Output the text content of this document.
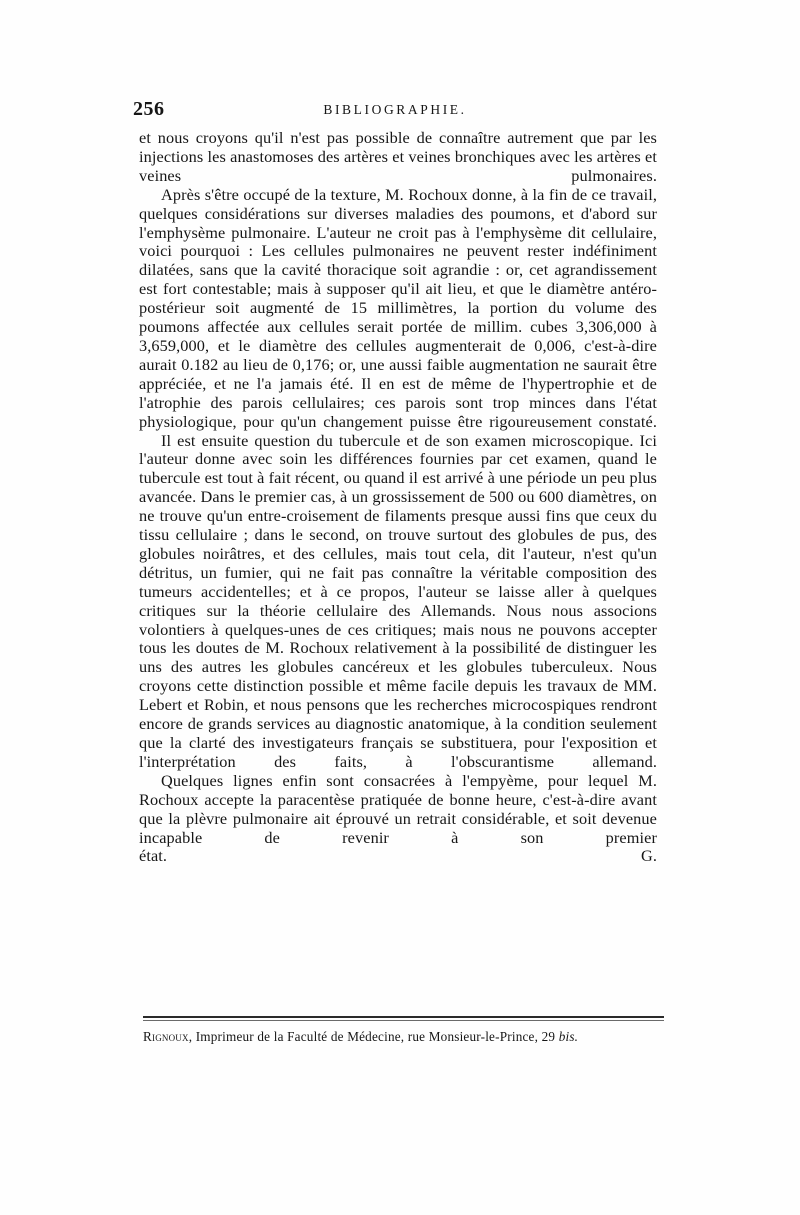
256	BIBLIOGRAPHIE.

et nous croyons qu'il n'est pas possible de connaître autrement que par les injections les anastomoses des artères et veines bronchiques avec les artères et veines pulmonaires.

Après s'être occupé de la texture, M. Rochoux donne, à la fin de ce travail, quelques considérations sur diverses maladies des poumons, et d'abord sur l'emphysème pulmonaire. L'auteur ne croit pas à l'emphysème dit cellulaire, voici pourquoi : Les cellules pulmonaires ne peuvent rester indéfiniment dilatées, sans que la cavité thoracique soit agrandie : or, cet agrandissement est fort contestable; mais à supposer qu'il ait lieu, et que le diamètre antéro-postérieur soit augmenté de 15 millimètres, la portion du volume des poumons affectée aux cellules serait portée de millim. cubes 3,306,000 à 3,659,000, et le diamètre des cellules augmenterait de 0,006, c'est-à-dire aurait 0.182 au lieu de 0,176; or, une aussi faible augmentation ne saurait être appréciée, et ne l'a jamais été. Il en est de même de l'hypertrophie et de l'atrophie des parois cellulaires; ces parois sont trop minces dans l'état physiologique, pour qu'un changement puisse être rigoureusement constaté.

Il est ensuite question du tubercule et de son examen microscopique. Ici l'auteur donne avec soin les différences fournies par cet examen, quand le tubercule est tout à fait récent, ou quand il est arrivé à une période un peu plus avancée. Dans le premier cas, à un grossissement de 500 ou 600 diamètres, on ne trouve qu'un entre-croisement de filaments presque aussi fins que ceux du tissu cellulaire ; dans le second, on trouve surtout des globules de pus, des globules noirâtres, et des cellules, mais tout cela, dit l'auteur, n'est qu'un détritus, un fumier, qui ne fait pas connaître la véritable composition des tumeurs accidentelles; et à ce propos, l'auteur se laisse aller à quelques critiques sur la théorie cellulaire des Allemands. Nous nous associons volontiers à quelques-unes de ces critiques; mais nous ne pouvons accepter tous les doutes de M. Rochoux relativement à la possibilité de distinguer les uns des autres les globules cancéreux et les globules tuberculeux. Nous croyons cette distinction possible et même facile depuis les travaux de MM. Lebert et Robin, et nous pensons que les recherches microcospiques rendront encore de grands services au diagnostic anatomique, à la condition seulement que la clarté des investigateurs français se substituera, pour l'exposition et l'interprétation des faits, à l'obscurantisme allemand.

Quelques lignes enfin sont consacrées à l'empyème, pour lequel M. Rochoux accepte la paracentèse pratiquée de bonne heure, c'est-à-dire avant que la plèvre pulmonaire ait éprouvé un retrait considérable, et soit devenue incapable de revenir à son premier

état.	G.
Rignoux, Imprimeur de la Faculté de Médecine, rue Monsieur-le-Prince, 29 bis.
